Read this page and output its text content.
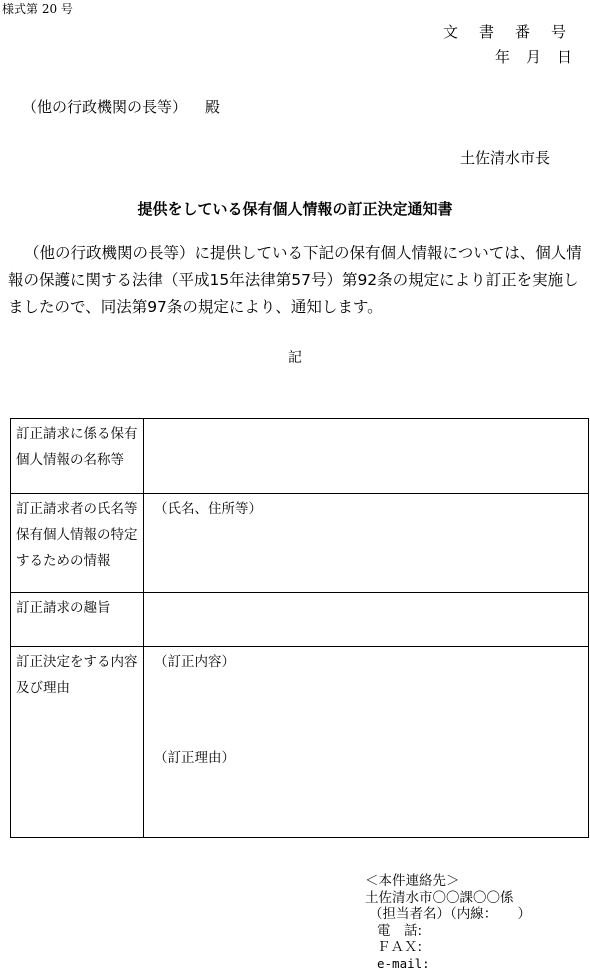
様式第 20 号
文書番号
年月日
（他の行政機関の長等） 殿
土佐清水市長
提供をしている保有個人情報の訂正決定通知書
（他の行政機関の長等）に提供している下記の保有個人情報については、個人情報の保護に関する法律（平成15年法律第57号）第92条の規定により訂正を実施しましたので、同法第97条の規定により、通知します。
記
訂正請求に係る保有個人情報の名称等	
訂正請求者の氏名等保有個人情報の特定するための情報	（氏名、住所等）
訂正請求の趣旨	
訂正決定をする内容及び理由	（訂正内容）
（訂正理由）
＜本件連絡先＞
土佐清水市〇〇課〇〇係
（担当者名）（内線：　　）
電　話:
ＦＡＸ:
e-mail:
